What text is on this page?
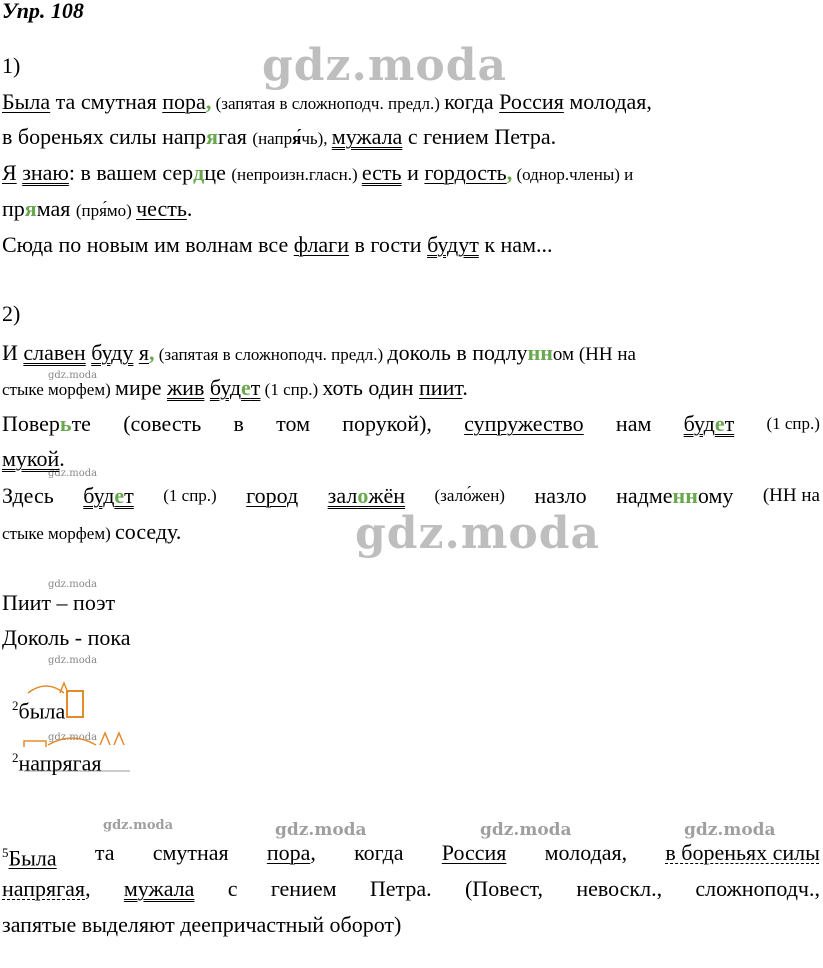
Упр. 108
gdz.moda
gdz.moda
gdz.moda
gdz.moda
gdz.moda
gdz.moda
gdz.moda
gdz.moda	gdz.moda	gdz.moda	gdz.moda
1)
Была та смутная пора, (запятая в сложноподч. предл.) когда Россия молодая,
в бореньях силы напрягая (напря́чь), мужала с гением Петра.
Я знаю: в вашем сердце (непроизн.гласн.) есть и гордость, (однор.члены) и
прямая (пря́мо) честь.
Сюда по новым им волнам все флаги в гости будут к нам...
2)
И славен буду я, (запятая в сложноподч. предл.) доколь в подлунном (НН на
стыке морфем) мире жив будет (1 спр.) хоть один пиит.
Поверьте (совесть в том порукой), супружество нам будет (1 спр.)
мукой.
Здесь будет (1 спр.) город заложён (зало́жен) назло надменному (НН на
стыке морфем) соседу.
Пиит – поэт
Доколь - пока
$^2$была
$^2$напрягая
$^5$Была та смутная пора, когда Россия молодая, в бореньях силы
напрягая, мужала с гением Петра. (Повест, невоскл., сложноподч.,
запятые выделяют деепричастный оборот)
